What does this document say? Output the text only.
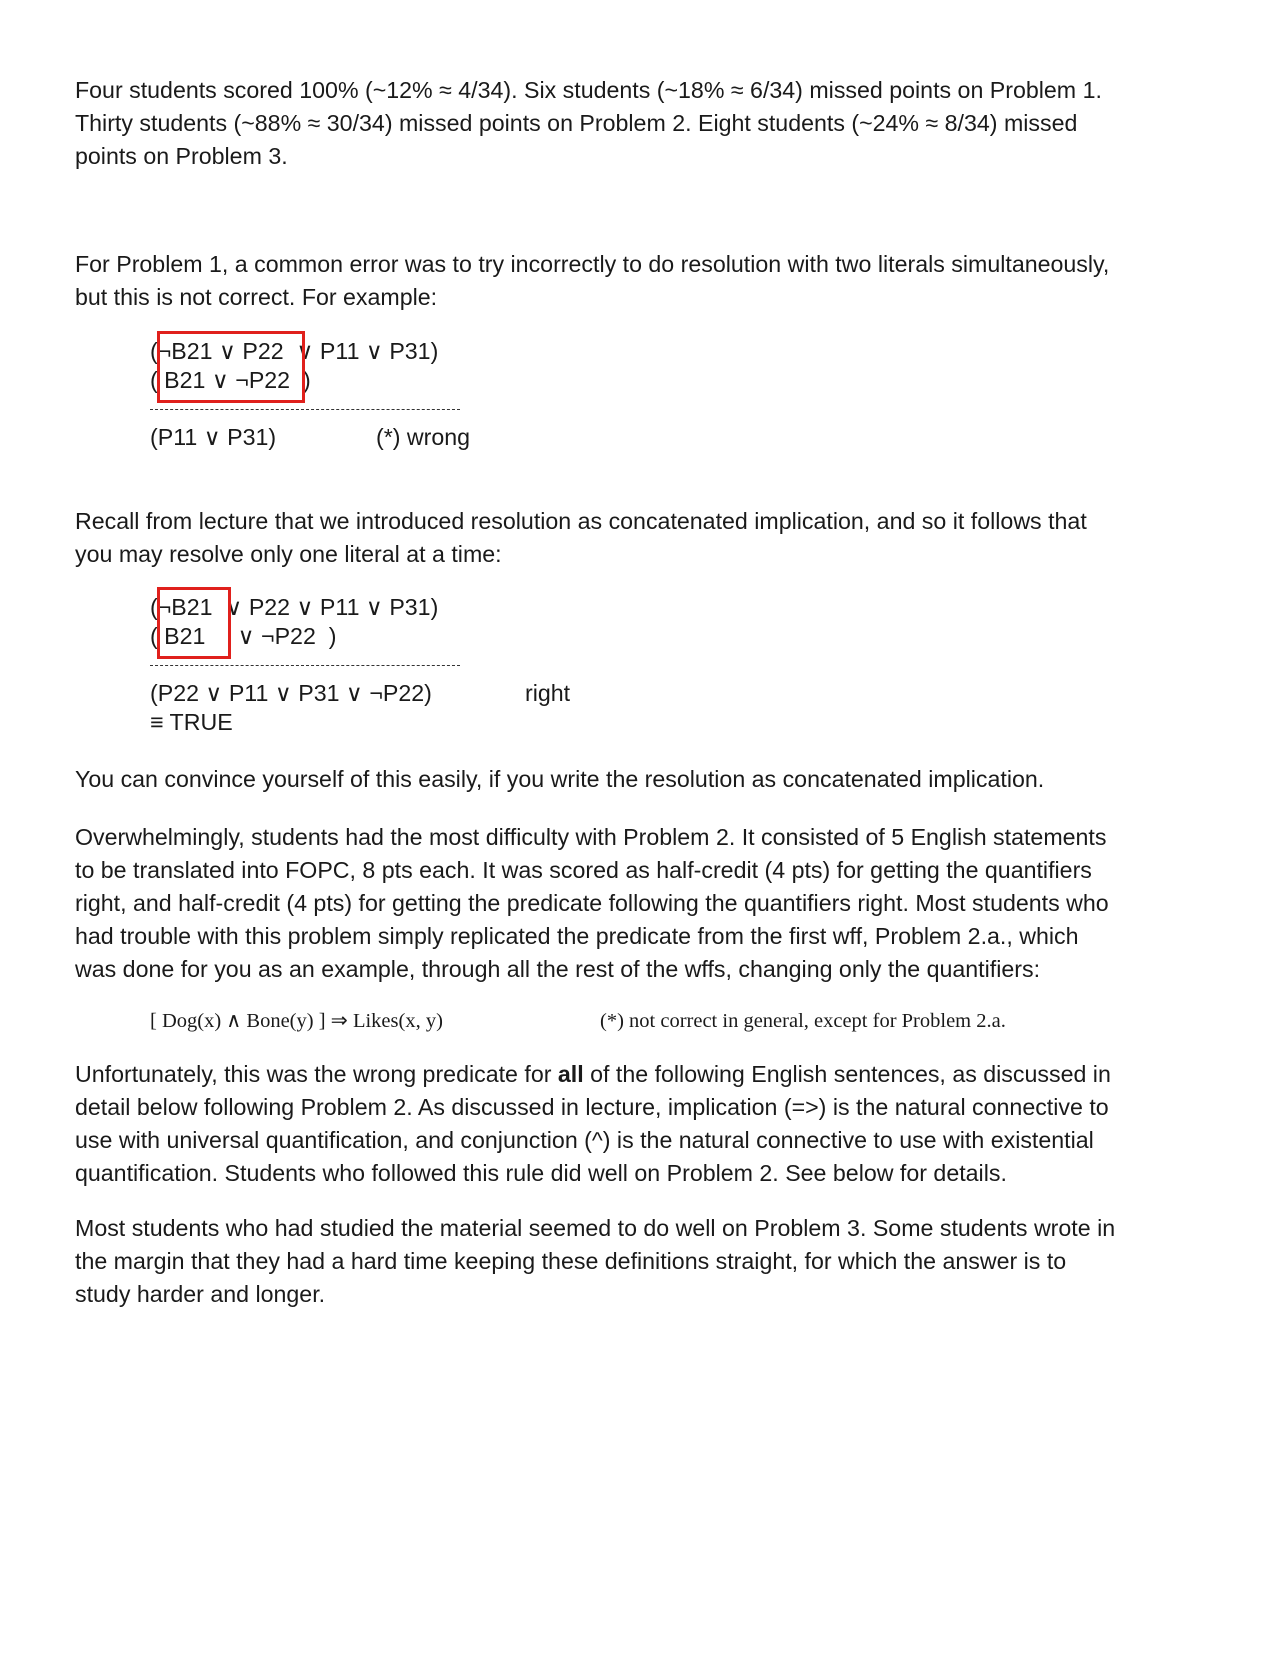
Four students scored 100% (~12% ≈ 4/34). Six students (~18% ≈ 6/34) missed points on Problem 1.
Thirty students (~88% ≈ 30/34) missed points on Problem 2. Eight students (~24% ≈ 8/34) missed
points on Problem 3.

For Problem 1, a common error was to try incorrectly to do resolution with two literals simultaneously,
but this is not correct. For example:

(¬B21 ∨ P22  ∨ P11 ∨ P31)
( B21 ∨ ¬P22  )
(P11 ∨ P31)	(*) wrong

Recall from lecture that we introduced resolution as concatenated implication, and so it follows that
you may resolve only one literal at a time:

(¬B21  ∨ P22 ∨ P11 ∨ P31)
( B21     ∨ ¬P22  )
(P22 ∨ P11 ∨ P31 ∨ ¬P22)
≡ TRUE
right

You can convince yourself of this easily, if you write the resolution as concatenated implication.

Overwhelmingly, students had the most difficulty with Problem 2. It consisted of 5 English statements
to be translated into FOPC, 8 pts each. It was scored as half-credit (4 pts) for getting the quantifiers
right, and half-credit (4 pts) for getting the predicate following the quantifiers right. Most students who
had trouble with this problem simply replicated the predicate from the first wff, Problem 2.a., which
was done for you as an example, through all the rest of the wffs, changing only the quantifiers:

[ Dog(x) ∧ Bone(y) ] ⇒ Likes(x, y)	(*) not correct in general, except for Problem 2.a.

Unfortunately, this was the wrong predicate for all of the following English sentences, as discussed in
detail below following Problem 2. As discussed in lecture, implication (=>) is the natural connective to
use with universal quantification, and conjunction (^) is the natural connective to use with existential
quantification. Students who followed this rule did well on Problem 2. See below for details.

Most students who had studied the material seemed to do well on Problem 3. Some students wrote in
the margin that they had a hard time keeping these definitions straight, for which the answer is to
study harder and longer.
